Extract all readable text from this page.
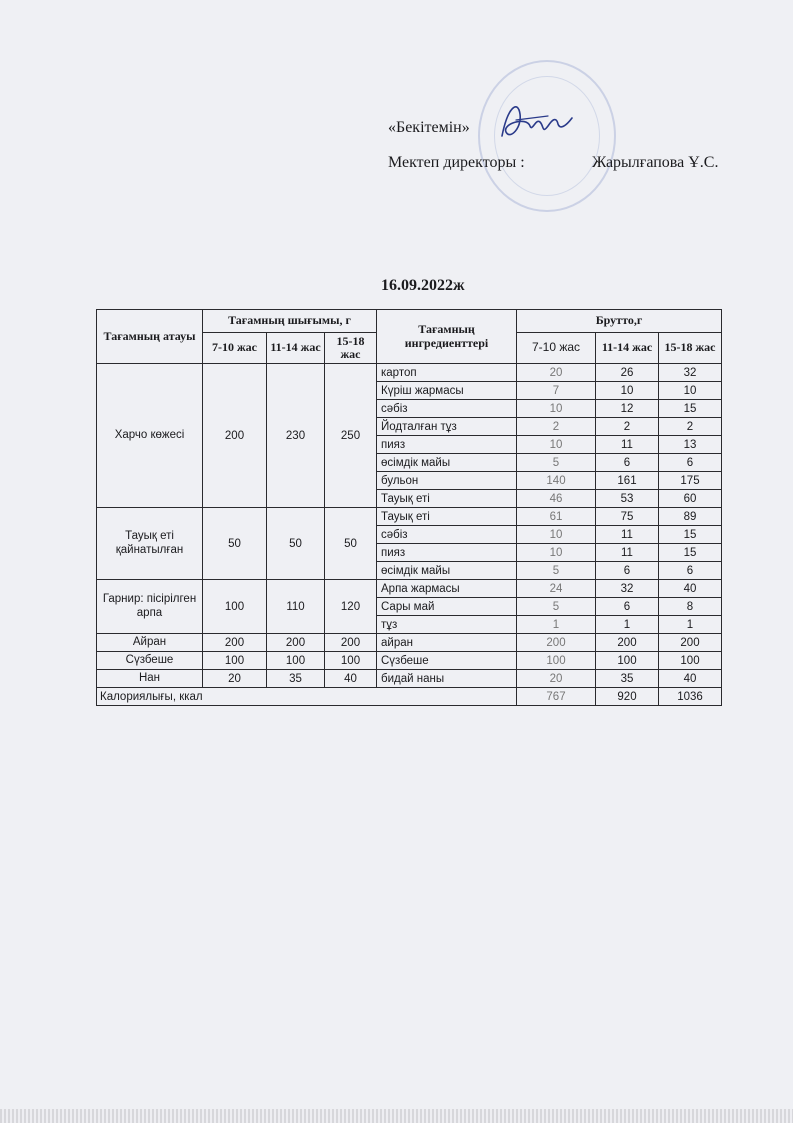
«Бекітемін»
Мектеп директоры :	Жарылғапова Ұ.С.
16.09.2022ж
Тағамның атауы	Тағамның шығымы, г			Тағамның ингредиенттері	Брутто,г		
	7-10 жас	11-14 жас	15-18 жас		7-10 жас	11-14 жас	15-18 жас
Харчо көжесі	200	230	250	картоп	20	26	32
				Күріш жармасы	7	10	10
				сәбіз	10	12	15
				Йодталған тұз	2	2	2
				пияз	10	11	13
				өсімдік майы	5	6	6
				бульон	140	161	175
				Тауық еті	46	53	60
Тауық еті қайнатылған	50	50	50	Тауық еті	61	75	89
				сәбіз	10	11	15
				пияз	10	11	15
				өсімдік майы	5	6	6
Гарнир: пісірілген арпа	100	110	120	Арпа жармасы	24	32	40
				Сары май	5	6	8
				тұз	1	1	1
Айран	200	200	200	айран	200	200	200
Сүзбеше	100	100	100	Сүзбеше	100	100	100
Нан	20	35	40	бидай наны	20	35	40
Калориялығы, ккал					767	920	1036
